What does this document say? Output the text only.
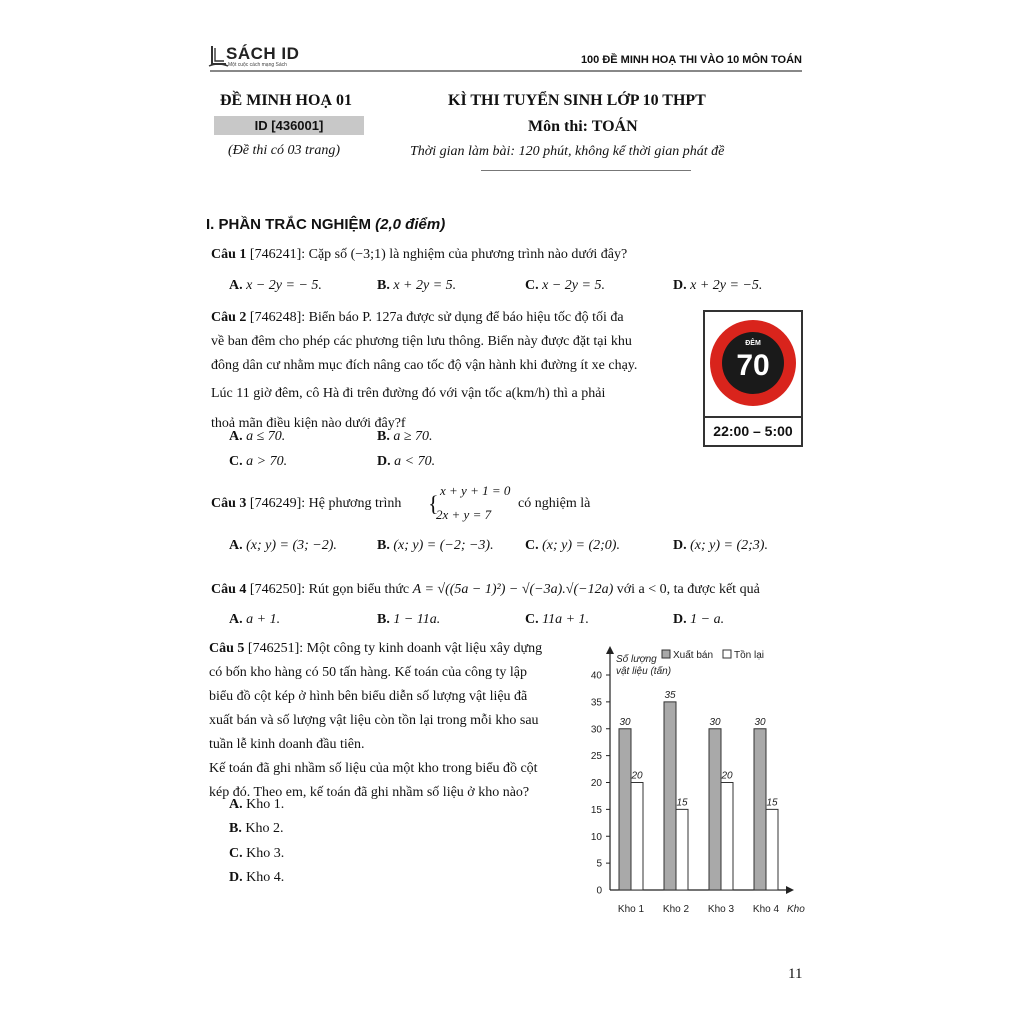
SÁCH ID
Một cuộc cách mạng Sách	100 ĐỀ MINH HOẠ THI VÀO 10 MÔN TOÁN
ĐỀ MINH HOẠ 01
ID [436001]
(Đề thi có 03 trang)
KÌ THI TUYỂN SINH LỚP 10 THPT
Môn thi: TOÁN
Thời gian làm bài: 120 phút, không kể thời gian phát đề
I. PHẦN TRẮC NGHIỆM (2,0 điểm)
Câu 1 [746241]: Cặp số (−3;1) là nghiệm của phương trình nào dưới đây?
A. x − 2y = − 5.	B. x + 2y = 5.	C. x − 2y = 5.	D. x + 2y = −5.
Câu 2 [746248]: Biển báo P. 127a được sử dụng để báo hiệu tốc độ tối đa
về ban đêm cho phép các phương tiện lưu thông. Biển này được đặt tại khu
đông dân cư nhằm mục đích nâng cao tốc độ vận hành khi đường ít xe chạy.
Lúc 11 giờ đêm, cô Hà đi trên đường đó với vận tốc a(km/h) thì a phải
thoả mãn điều kiện nào dưới đây?f
A. a ≤ 70.	B. a ≥ 70.
C. a > 70.	D. a < 70.
ĐÊM
70
22:00 – 5:00
Câu 3 [746249]: Hệ phương trình {
x + y + 1 = 0
2x + y = 7
có nghiệm là
A. (x; y) = (3; −2).	B. (x; y) = (−2; −3). C. (x; y) = (2;0).	D. (x; y) = (2;3).
Câu 4 [746250]: Rút gọn biểu thức A = √((5a − 1)²) − √(−3a).√(−12a) với a < 0, ta được kết quả
A. a + 1.	B. 1 − 11a.	C. 11a + 1.	D. 1 − a.
Câu 5 [746251]: Một công ty kinh doanh vật liệu xây dựng
có bốn kho hàng có 50 tấn hàng. Kế toán của công ty lập
biểu đồ cột kép ở hình bên biểu diễn số lượng vật liệu đã
xuất bán và số lượng vật liệu còn tồn lại trong mỗi kho sau
tuần lễ kinh doanh đầu tiên.
Kế toán đã ghi nhầm số liệu của một kho trong biểu đồ cột
kép đó. Theo em, kế toán đã ghi nhầm số liệu ở kho nào?
A. Kho 1.
B. Kho 2.
C. Kho 3.
D. Kho 4.
Số lượng
vật liệu (tấn)
0
5
10
15
20
25
30
35
40
30
20
Kho 1
35
15
Kho 2
30
20
Kho 3
30
15
Kho 4 Kho
Xuất bán Tồn lại
11
